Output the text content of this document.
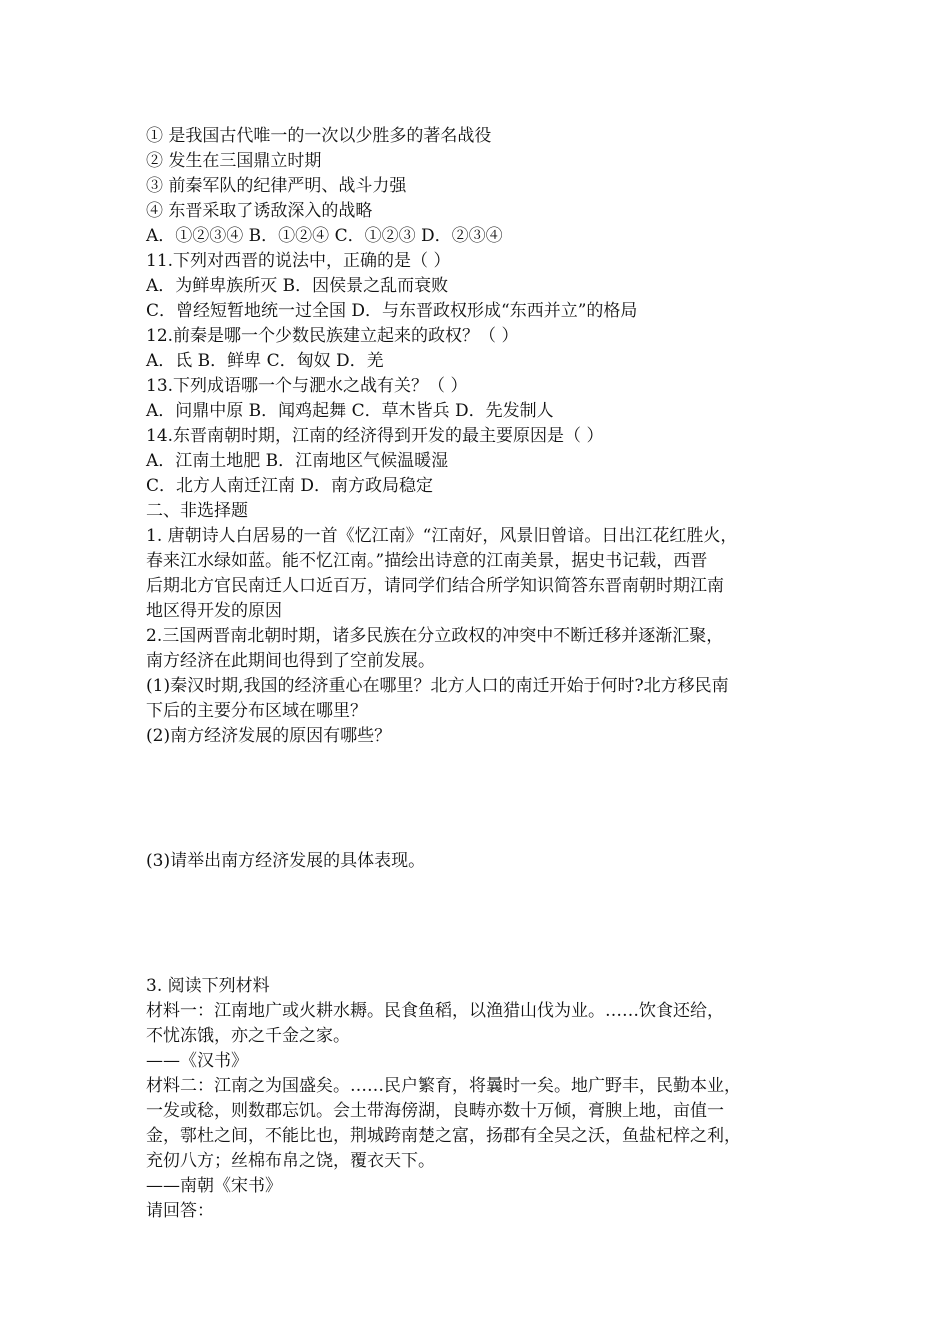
① 是我国古代唯一的一次以少胜多的著名战役
② 发生在三国鼎立时期
③ 前秦军队的纪律严明、战斗力强
④ 东晋采取了诱敌深入的战略
A．①②③④ B．①②④ C．①②③ D．②③④
11.下列对西晋的说法中，正确的是（ ）
A．为鲜卑族所灭 B．因侯景之乱而衰败
C．曾经短暂地统一过全国 D．与东晋政权形成“东西并立”的格局
12.前秦是哪一个少数民族建立起来的政权？（ ）
A．氐 B．鲜卑 C．匈奴 D．羌
13.下列成语哪一个与淝水之战有关？（ ）
A．问鼎中原 B．闻鸡起舞 C．草木皆兵 D．先发制人
14.东晋南朝时期，江南的经济得到开发的最主要原因是（ ）
A．江南土地肥 B．江南地区气候温暖湿
C．北方人南迁江南 D．南方政局稳定
二、非选择题
1. 唐朝诗人白居易的一首《忆江南》“江南好，风景旧曾谙。日出江花红胜火，
春来江水绿如蓝。能不忆江南。”描绘出诗意的江南美景，据史书记载，西晋
后期北方官民南迁人口近百万，请同学们结合所学知识简答东晋南朝时期江南
地区得开发的原因
2.三国两晋南北朝时期，诸多民族在分立政权的冲突中不断迁移并逐渐汇聚，
南方经济在此期间也得到了空前发展。
(1)秦汉时期,我国的经济重心在哪里？北方人口的南迁开始于何时?北方移民南
下后的主要分布区域在哪里？
(2)南方经济发展的原因有哪些？
(3)请举出南方经济发展的具体表现。
3. 阅读下列材料
材料一：江南地广或火耕水耨。民食鱼稻，以渔猎山伐为业。……饮食还给，
不忧冻饿，亦之千金之家。
——《汉书》
材料二：江南之为国盛矣。……民户繁育，将曩时一矣。地广野丰，民勤本业，
一发或稔，则数郡忘饥。会土带海傍湖，良畴亦数十万倾，膏腴上地，亩值一
金，鄠杜之间，不能比也，荆城跨南楚之富，扬郡有全吴之沃，鱼盐杞梓之利，
充仞八方；丝棉布帛之饶，覆衣天下。
——南朝《宋书》
请回答：
